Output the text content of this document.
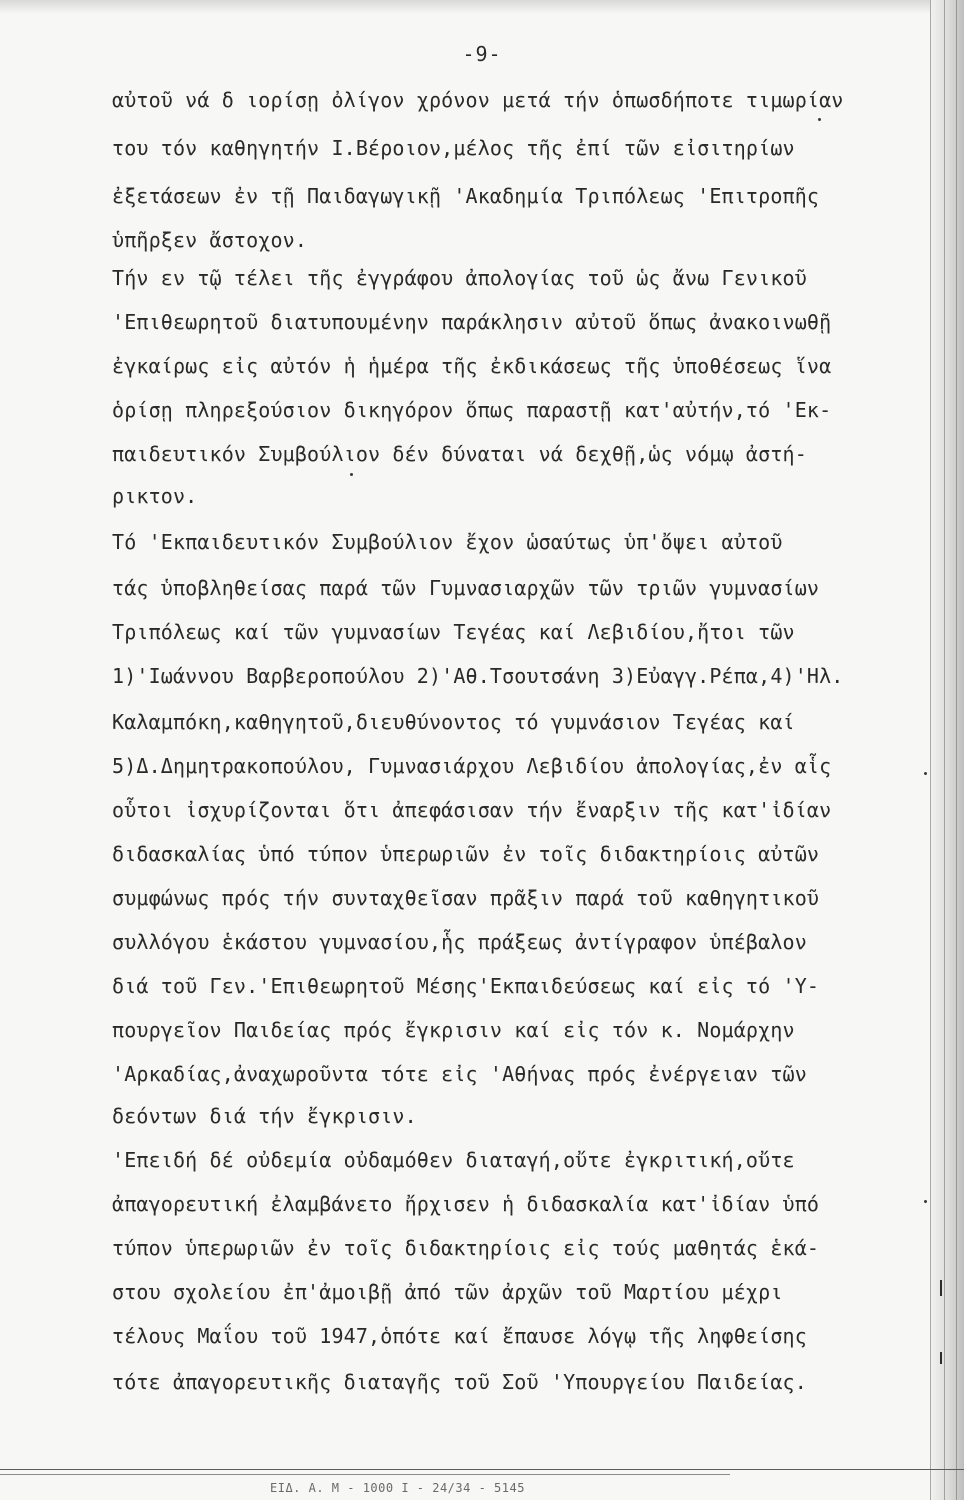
-9-
αὐτοῦ νά δ ιορίσῃ ὀλίγον χρόνον μετά τήν ὁπωσδήποτε τιμωρίαν
του τόν καθηγητήν Ι.Βέροιον,μέλος τῆς ἐπί τῶν εἰσιτηρίων
ἐξετάσεων ἐν τῇ Παιδαγωγικῇ 'Ακαδημία Τριπόλεως 'Επιτροπῆς
ὑπῆρξεν ἄστοχον.
Τήν εν τῷ τέλει τῆς ἐγγράφου ἀπολογίας τοῦ ὡς ἄνω Γενικοῦ
'Επιθεωρητοῦ διατυπουμένην παράκλησιν αὐτοῦ ὅπως ἀνακοινωθῇ
ἐγκαίρως εἰς αὐτόν ἡ ἡμέρα τῆς ἐκδικάσεως τῆς ὑποθέσεως ἵνα
ὁρίσῃ πληρεξούσιον δικηγόρον ὅπως παραστῇ κατ'αὐτήν,τό 'Εκ-
παιδευτικόν Συμβούλιον δέν δύναται νά δεχθῇ,ὡς νόμῳ ἀστή-
ρικτον.
Τό 'Εκπαιδευτικόν Συμβούλιον ἔχον ὡσαύτως ὑπ'ὄψει αὐτοῦ
τάς ὑποβληθείσας παρά τῶν Γυμνασιαρχῶν τῶν τριῶν γυμνασίων
Τριπόλεως καί τῶν γυμνασίων Τεγέας καί Λεβιδίου,ἤτοι τῶν
1)'Ιωάννου Βαρβεροπούλου 2)'Αθ.Τσουτσάνη 3)Εὐαγγ.Ρέπα,4)'Ηλ.
Καλαμπόκη,καθηγητοῦ,διευθύνοντος τό γυμνάσιον Τεγέας καί
5)Δ.Δημητρακοπούλου, Γυμνασιάρχου Λεβιδίου ἀπολογίας,ἐν αἷς
οὗτοι ἰσχυρίζονται ὅτι ἀπεφάσισαν τήν ἔναρξιν τῆς κατ'ἰδίαν
διδασκαλίας ὑπό τύπον ὑπερωριῶν ἐν τοῖς διδακτηρίοις αὐτῶν
συμφώνως πρός τήν συνταχθεῖσαν πρᾶξιν παρά τοῦ καθηγητικοῦ
συλλόγου ἑκάστου γυμνασίου,ἧς πράξεως ἀντίγραφον ὑπέβαλον
διά τοῦ Γεν.'Επιθεωρητοῦ Μέσης'Εκπαιδεύσεως καί εἰς τό 'Υ-
πουργεῖον Παιδείας πρός ἔγκρισιν καί εἰς τόν κ. Νομάρχην
'Αρκαδίας,ἀναχωροῦντα τότε εἰς 'Αθήνας πρός ἐνέργειαν τῶν
δεόντων διά τήν ἔγκρισιν.
'Επειδή δέ οὐδεμία οὐδαμόθεν διαταγή,οὔτε ἐγκριτική,οὔτε
ἀπαγορευτική ἐλαμβάνετο ἤρχισεν ἡ διδασκαλία κατ'ἰδίαν ὑπό
τύπον ὑπερωριῶν ἐν τοῖς διδακτηρίοις εἰς τούς μαθητάς ἑκά-
στου σχολείου ἐπ'ἀμοιβῇ ἀπό τῶν ἀρχῶν τοῦ Μαρτίου μέχρι
τέλους Μαΐου τοῦ 1947,ὁπότε καί ἔπαυσε λόγῳ τῆς ληφθείσης
τότε ἀπαγορευτικῆς διαταγῆς τοῦ Σοῦ 'Υπουργείου Παιδείας.
ΕΙΔ. Α. Μ - 1000 Ι - 24/34 - 5145
